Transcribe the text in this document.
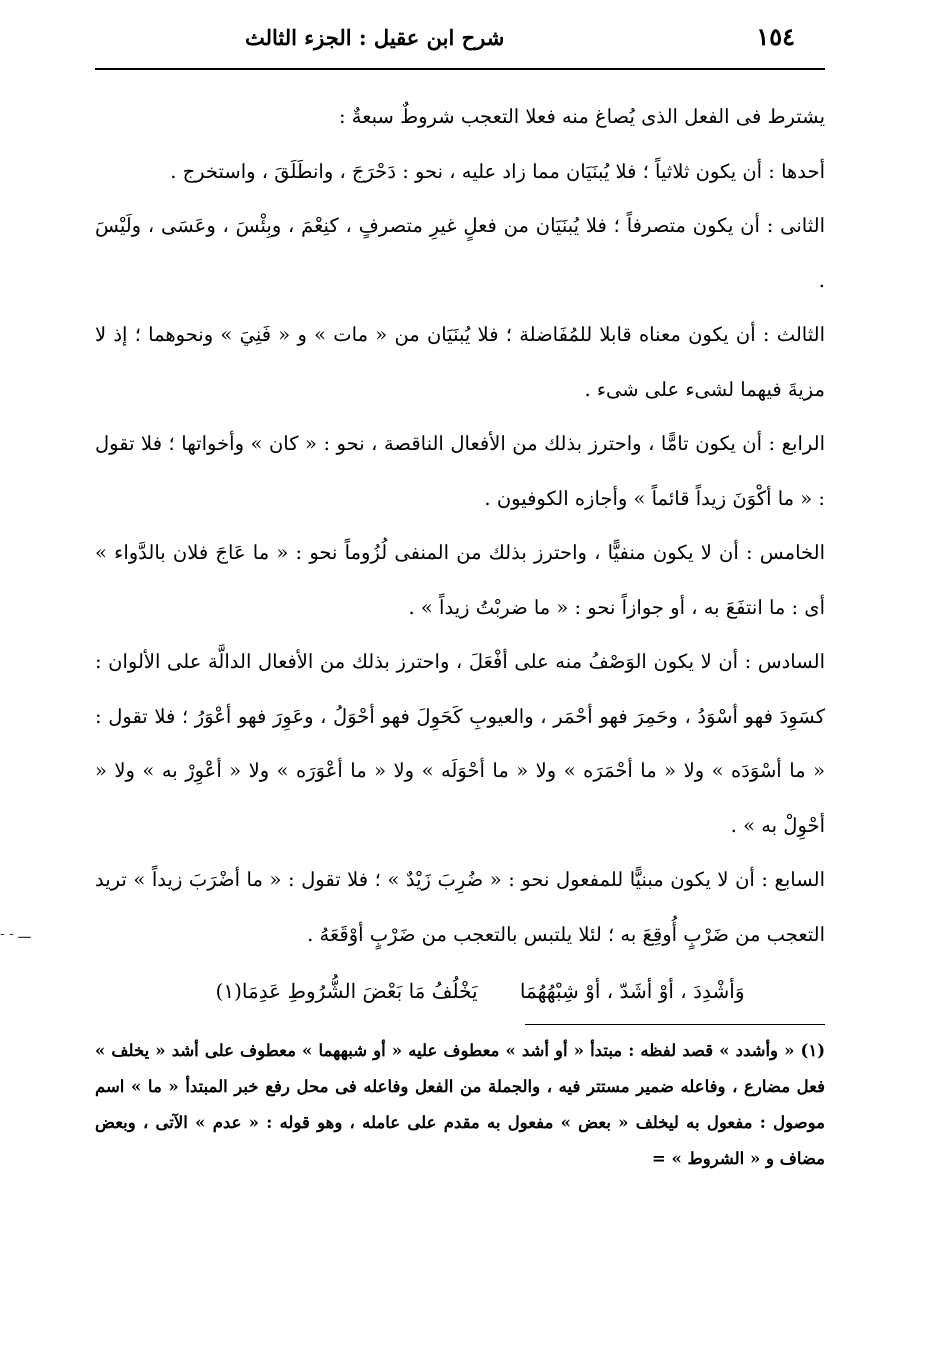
١٥٤
شرح ابن عقيل : الجزء الثالث

يشترط فى الفعل الذى يُصاغ منه فعلا التعجب شروطٌ سبعةٌ :

أحدها : أن يكون ثلاثياً ؛ فلا يُبنَيَان مما زاد عليه ، نحو : دَحْرَجَ ، وانطَلَقَ ، واستخرج .

الثانى : أن يكون متصرفاً ؛ فلا يُبنَيَان من فعلٍ غيرِ متصرفٍ ، كنِعْمَ ، وبِئْسَ ، وعَسَى ، ولَيْسَ .

الثالث : أن يكون معناه قابلا للمُفَاضلة ؛ فلا يُبنَيَان من « مات » و « فَنِيَ » ونحوهما ؛ إذ لا مزيةَ فيهما لشىء على شىء .

الرابع : أن يكون تامًّا ، واحترز بذلك من الأفعال الناقصة ، نحو : « كان » وأخواتها ؛ فلا تقول : « ما أكْوَنَ زيداً قائماً » وأجازه الكوفيون .

الخامس : أن لا يكون منفيًّا ، واحترز بذلك من المنفى لُزُوماً نحو : « ما عَاجَ فلان بالدَّواء » أى : ما انتفَعَ به ، أو جوازاً نحو : « ما ضربْتُ زيداً » .

السادس : أن لا يكون الوَصْفُ منه على أفْعَلَ ، واحترز بذلك من الأفعال الدالَّة على الألوان : كسَوِدَ فهو أسْوَدُ ، وحَمِرَ فهو أحْمَر ، والعيوبِ كَحَوِلَ فهو أحْوَلُ ، وعَوِرَ فهو أعْوَرُ ؛ فلا تقول : « ما أسْوَدَه » ولا « ما أحْمَرَه » ولا « ما أحْوَلَه » ولا « ما أعْوَرَه » ولا « أعْوِرْ به » ولا « أحْوِلْ به » .

السابع : أن لا يكون مبنيًّا للمفعول نحو : « ضُرِبَ زَيْدٌ » ؛ فلا تقول : « ما أضْرَبَ زيداً » تريد التعجب من ضَرْبٍ أُوقِعَ به ؛ لئلا يلتبس بالتعجب من ضَرْبٍ أوْقَعَهُ .

وَأشْدِدَ ، أوْ أشَدّ ، أوْ شِبْهُهُمَا يَخْلُفُ مَا بَعْضَ الشُّرُوطِ عَدِمَا(١)

(١) « وأشدد » قصد لفظه : مبتدأ « أو أشد » معطوف عليه « أو شبههما » معطوف على أشد « يخلف » فعل مضارع ، وفاعله ضمير مستتر فيه ، والجملة من الفعل وفاعله فى محل رفع خبر المبتدأ « ما » اسم موصول : مفعول به ليخلف « بعض » مفعول به مقدم على عامله ، وهو قوله : « عدم » الآتى ، وبعض مضاف و « الشروط » =

- - ـــ
